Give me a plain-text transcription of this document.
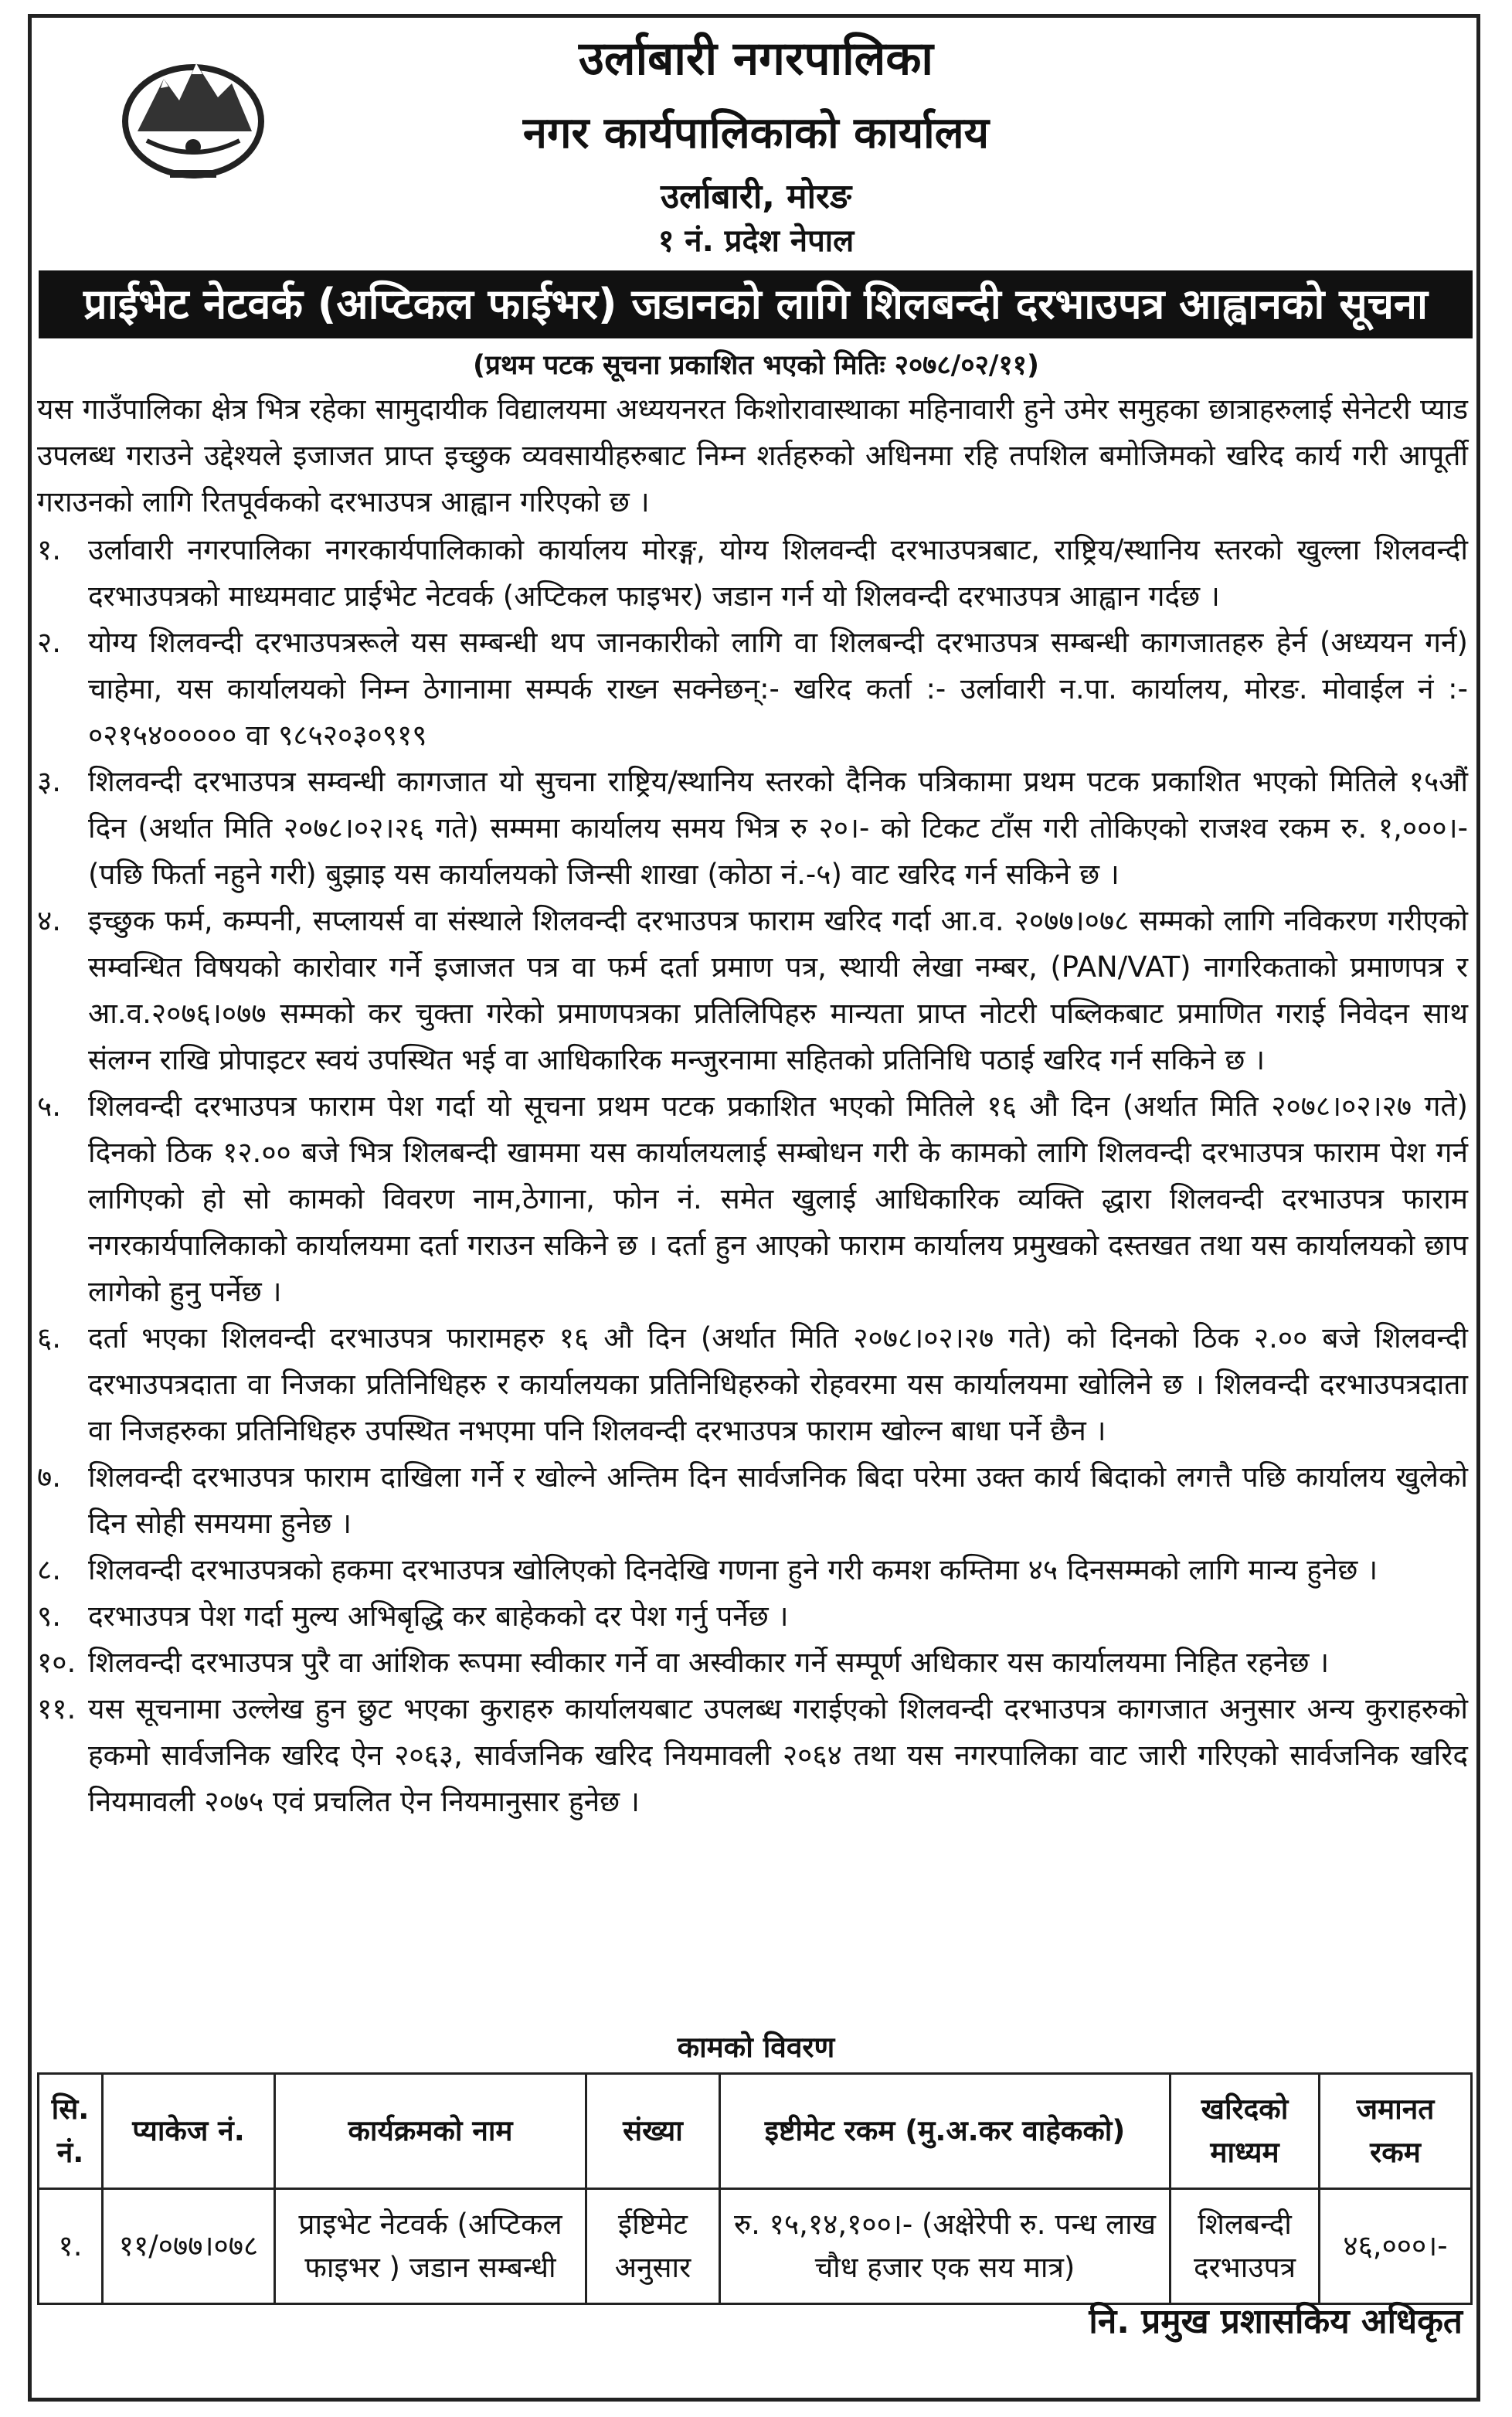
उर्लाबारी नगरपालिका
नगर कार्यपालिकाको कार्यालय
उर्लाबारी, मोरङ
१ नं. प्रदेश नेपाल
प्राईभेट नेटवर्क (अप्टिकल फाईभर) जडानको लागि शिलबन्दी दरभाउपत्र आह्वानको सूचना
(प्रथम पटक सूचना प्रकाशित भएको मितिः २०७८/०२/११)

यस गाउँपालिका क्षेत्र भित्र रहेका सामुदायीक विद्यालयमा अध्ययनरत किशोरावास्थाका महिनावारी हुने उमेर समुहका छात्राहरुलाई सेनेटरी प्याड उपलब्ध गराउने उद्देश्यले इजाजत प्राप्त इच्छुक व्यवसायीहरुबाट निम्न शर्तहरुको अधिनमा रहि तपशिल बमोजिमको खरिद कार्य गरी आपूर्ती गराउनको लागि रितपूर्वकको दरभाउपत्र आह्वान गरिएको छ ।

१. उर्लावारी नगरपालिका नगरकार्यपालिकाको कार्यालय मोरङ्ग, योग्य शिलवन्दी दरभाउपत्रबाट, राष्ट्रिय/स्थानिय स्तरको खुल्ला शिलवन्दी दरभाउपत्रको माध्यमवाट प्राईभेट नेटवर्क (अप्टिकल फाइभर) जडान गर्न यो शिलवन्दी दरभाउपत्र आह्वान गर्दछ ।
२. योग्य शिलवन्दी दरभाउपत्ररूले यस सम्बन्धी थप जानकारीको लागि वा शिलबन्दी दरभाउपत्र सम्बन्धी कागजातहरु हेर्न (अध्ययन गर्न) चाहेमा, यस कार्यालयको निम्न ठेगानामा सम्पर्क राख्न सक्नेछन्:- खरिद कर्ता :- उर्लावारी न.पा. कार्यालय, मोरङ. मोवाईल नं :- ०२१५४००००० वा ९८५२०३०९१९
३. शिलवन्दी दरभाउपत्र सम्वन्धी कागजात यो सुचना राष्ट्रिय/स्थानिय स्तरको दैनिक पत्रिकामा प्रथम पटक प्रकाशित भएको मितिले १५औं दिन (अर्थात मिति २०७८।०२।२६ गते) सम्ममा कार्यालय समय भित्र रु २०।- को टिकट टाँस गरी तोकिएको राजश्व रकम रु. १,०००।- (पछि फिर्ता नहुने गरी) बुझाइ यस कार्यालयको जिन्सी शाखा (कोठा नं.-५) वाट खरिद गर्न सकिने छ ।
४. इच्छुक फर्म, कम्पनी, सप्लायर्स वा संस्थाले शिलवन्दी दरभाउपत्र फाराम खरिद गर्दा आ.व. २०७७।०७८ सम्मको लागि नविकरण गरीएको सम्वन्धित विषयको कारोवार गर्ने इजाजत पत्र वा फर्म दर्ता प्रमाण पत्र, स्थायी लेखा नम्बर, (PAN/VAT) नागरिकताको प्रमाणपत्र र आ.व.२०७६।०७७ सम्मको कर चुक्ता गरेको प्रमाणपत्रका प्रतिलिपिहरु मान्यता प्राप्त नोटरी पब्लिकबाट प्रमाणित गराई निवेदन साथ संलग्न राखि प्रोपाइटर स्वयं उपस्थित भई वा आधिकारिक मन्जुरनामा सहितको प्रतिनिधि पठाई खरिद गर्न सकिने छ ।
५. शिलवन्दी दरभाउपत्र फाराम पेश गर्दा यो सूचना प्रथम पटक प्रकाशित भएको मितिले १६ औ दिन (अर्थात मिति २०७८।०२।२७ गते) दिनको ठिक १२.०० बजे भित्र शिलबन्दी खाममा यस कार्यालयलाई सम्बोधन गरी के कामको लागि शिलवन्दी दरभाउपत्र फाराम पेश गर्न लागिएको हो सो कामको विवरण नाम,ठेगाना, फोन नं. समेत खुलाई आधिकारिक व्यक्ति द्धारा शिलवन्दी दरभाउपत्र फाराम नगरकार्यपालिकाको कार्यालयमा दर्ता गराउन सकिने छ । दर्ता हुन आएको फाराम कार्यालय प्रमुखको दस्तखत तथा यस कार्यालयको छाप लागेको हुनु पर्नेछ ।
६. दर्ता भएका शिलवन्दी दरभाउपत्र फारामहरु १६ औ दिन (अर्थात मिति २०७८।०२।२७ गते) को दिनको ठिक २.०० बजे शिलवन्दी दरभाउपत्रदाता वा निजका प्रतिनिधिहरु र कार्यालयका प्रतिनिधिहरुको रोहवरमा यस कार्यालयमा खोलिने छ । शिलवन्दी दरभाउपत्रदाता वा निजहरुका प्रतिनिधिहरु उपस्थित नभएमा पनि शिलवन्दी दरभाउपत्र फाराम खोल्न बाधा पर्ने छैन ।
७. शिलवन्दी दरभाउपत्र फाराम दाखिला गर्ने र खोल्ने अन्तिम दिन सार्वजनिक बिदा परेमा उक्त कार्य बिदाको लगत्तै पछि कार्यालय खुलेको दिन सोही समयमा हुनेछ ।
८. शिलवन्दी दरभाउपत्रको हकमा दरभाउपत्र खोलिएको दिनदेखि गणना हुने गरी कमश कम्तिमा ४५ दिनसम्मको लागि मान्य हुनेछ ।
९. दरभाउपत्र पेश गर्दा मुल्य अभिबृद्धि कर बाहेकको दर पेश गर्नु पर्नेछ ।
१०. शिलवन्दी दरभाउपत्र पुरै वा आंशिक रूपमा स्वीकार गर्ने वा अस्वीकार गर्ने सम्पूर्ण अधिकार यस कार्यालयमा निहित रहनेछ ।
११. यस सूचनामा उल्लेख हुन छुट भएका कुराहरु कार्यालयबाट उपलब्ध गराईएको शिलवन्दी दरभाउपत्र कागजात अनुसार अन्य कुराहरुको हकमो सार्वजनिक खरिद ऐन २०६३, सार्वजनिक खरिद नियमावली २०६४ तथा यस नगरपालिका वाट जारी गरिएको सार्वजनिक खरिद नियमावली २०७५ एवं प्रचलित ऐन नियमानुसार हुनेछ ।
कामको विवरण
सि. नं.	प्याकेज नं.	कार्यक्रमको नाम	संख्या	इष्टीमेट रकम (मु.अ.कर वाहेकको)	खरिदको माध्यम	जमानत रकम
१.	११/०७७।०७८	प्राइभेट नेटवर्क (अप्टिकल फाइभर ) जडान सम्बन्धी	ईष्टिमेट अनुसार	रु. १५,१४,१००।- (अक्षेरेपी रु. पन्ध लाख चौध हजार एक सय मात्र)	शिलबन्दी दरभाउपत्र	४६,०००।-
नि. प्रमुख प्रशासकिय अधिकृत
